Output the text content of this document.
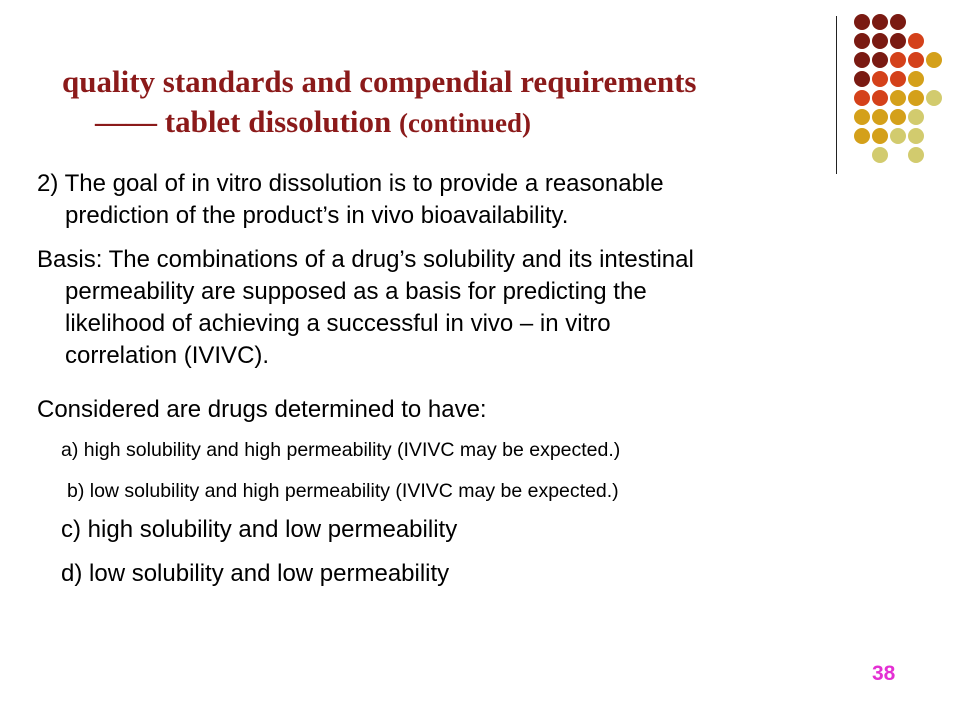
quality standards and compendial requirements
—— tablet dissolution (continued)
2) The goal of in vitro dissolution is to provide a reasonable
prediction of the product’s in vivo bioavailability.
Basis: The combinations of a drug’s solubility and its intestinal
permeability are supposed as a basis for predicting the
likelihood of achieving a successful in vivo – in vitro
correlation (IVIVC).
Considered are drugs determined to have:
a) high solubility and high permeability (IVIVC may be expected.)
b) low solubility and high permeability (IVIVC may be expected.)
c) high solubility and low permeability
d) low solubility and low permeability
38
